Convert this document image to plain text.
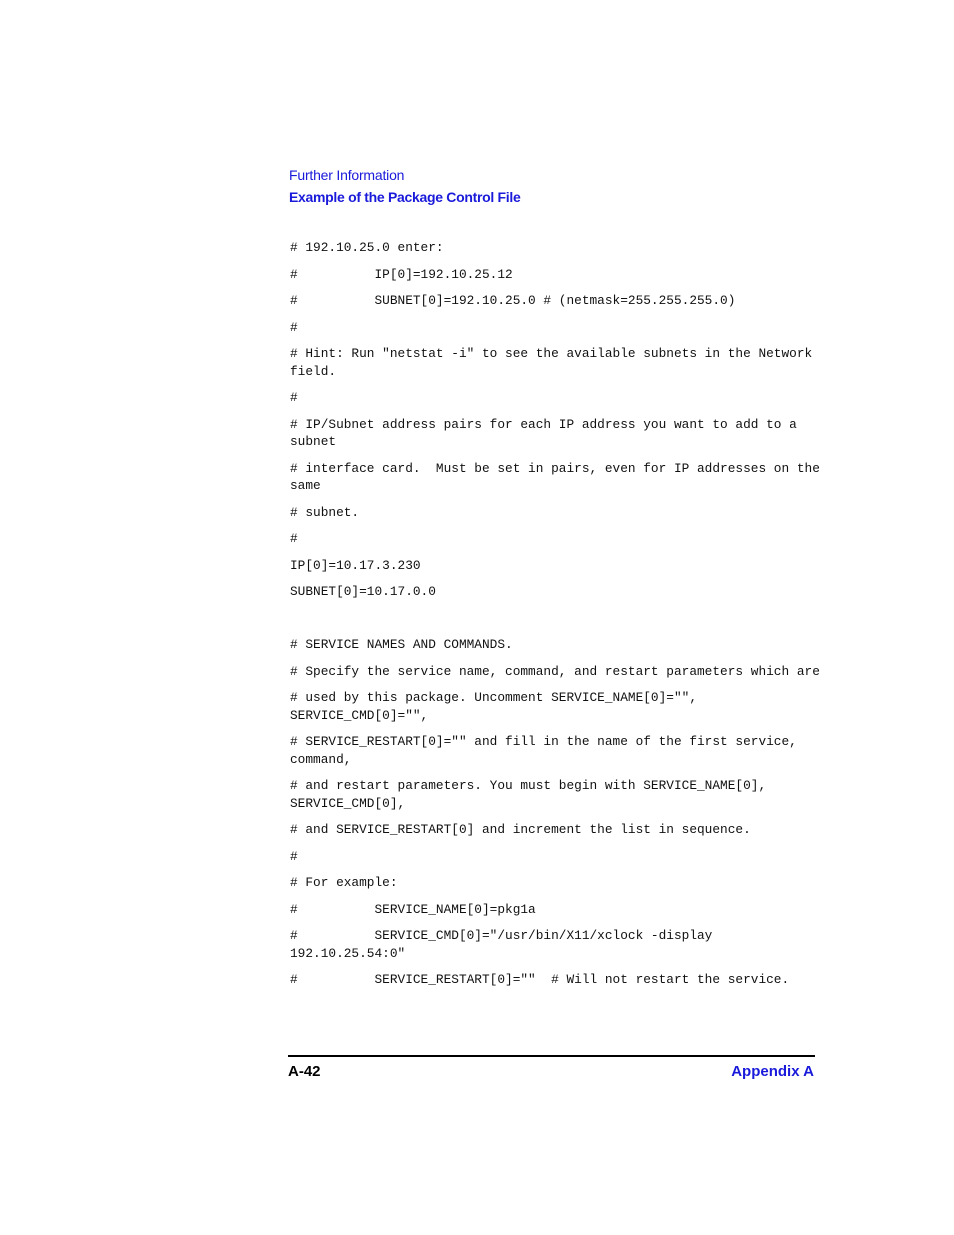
Further Information
Example of the Package Control File
# 192.10.25.0 enter:
#          IP[0]=192.10.25.12
#          SUBNET[0]=192.10.25.0 # (netmask=255.255.255.0)
#
# Hint: Run "netstat -i" to see the available subnets in the Network field.
#
# IP/Subnet address pairs for each IP address you want to add to a subnet
# interface card.  Must be set in pairs, even for IP addresses on the same
# subnet.
#
IP[0]=10.17.3.230
SUBNET[0]=10.17.0.0
# SERVICE NAMES AND COMMANDS.
# Specify the service name, command, and restart parameters which are
# used by this package. Uncomment SERVICE_NAME[0]="", SERVICE_CMD[0]="",
# SERVICE_RESTART[0]="" and fill in the name of the first service, command,
# and restart parameters. You must begin with SERVICE_NAME[0], SERVICE_CMD[0],
# and SERVICE_RESTART[0] and increment the list in sequence.
#
# For example:
#          SERVICE_NAME[0]=pkg1a
#          SERVICE_CMD[0]="/usr/bin/X11/xclock -display 192.10.25.54:0"
#          SERVICE_RESTART[0]=""  # Will not restart the service.
A-42	Appendix A
